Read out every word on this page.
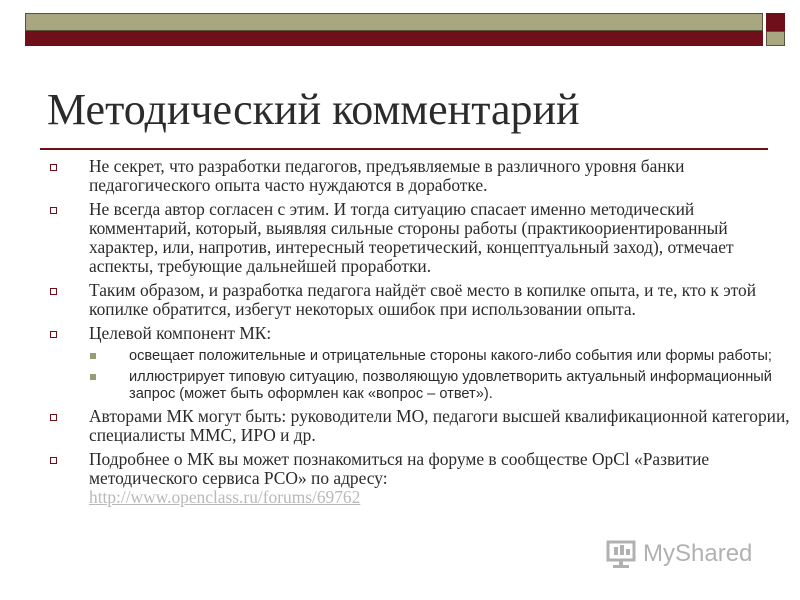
Методический комментарий
Не секрет, что разработки педагогов, предъявляемые в различного уровня банки педагогического опыта часто нуждаются в доработке.
Не всегда автор согласен с этим. И тогда ситуацию спасает именно методический комментарий, который, выявляя сильные стороны работы (практикоориентированный характер, или, напротив, интересный теоретический, концептуальный заход), отмечает аспекты, требующие дальнейшей проработки.
Таким образом, и разработка педагога найдёт своё место в копилке опыта, и те, кто к этой копилке обратится, избегут некоторых ошибок при использовании опыта.
Целевой компонент МК:
освещает положительные и отрицательные стороны какого-либо события или формы работы;
иллюстрирует типовую ситуацию, позволяющую удовлетворить актуальный информационный запрос (может быть оформлен как «вопрос – ответ»).
Авторами МК могут быть: руководители МО, педагоги высшей квалификационной категории, специалисты ММС, ИРО и др.
Подробнее о МК вы может познакомиться на форуме в сообществе ОрСl «Развитие методического сервиса РСО» по адресу:
http://www.openclass.ru/forums/69762
MyShared
